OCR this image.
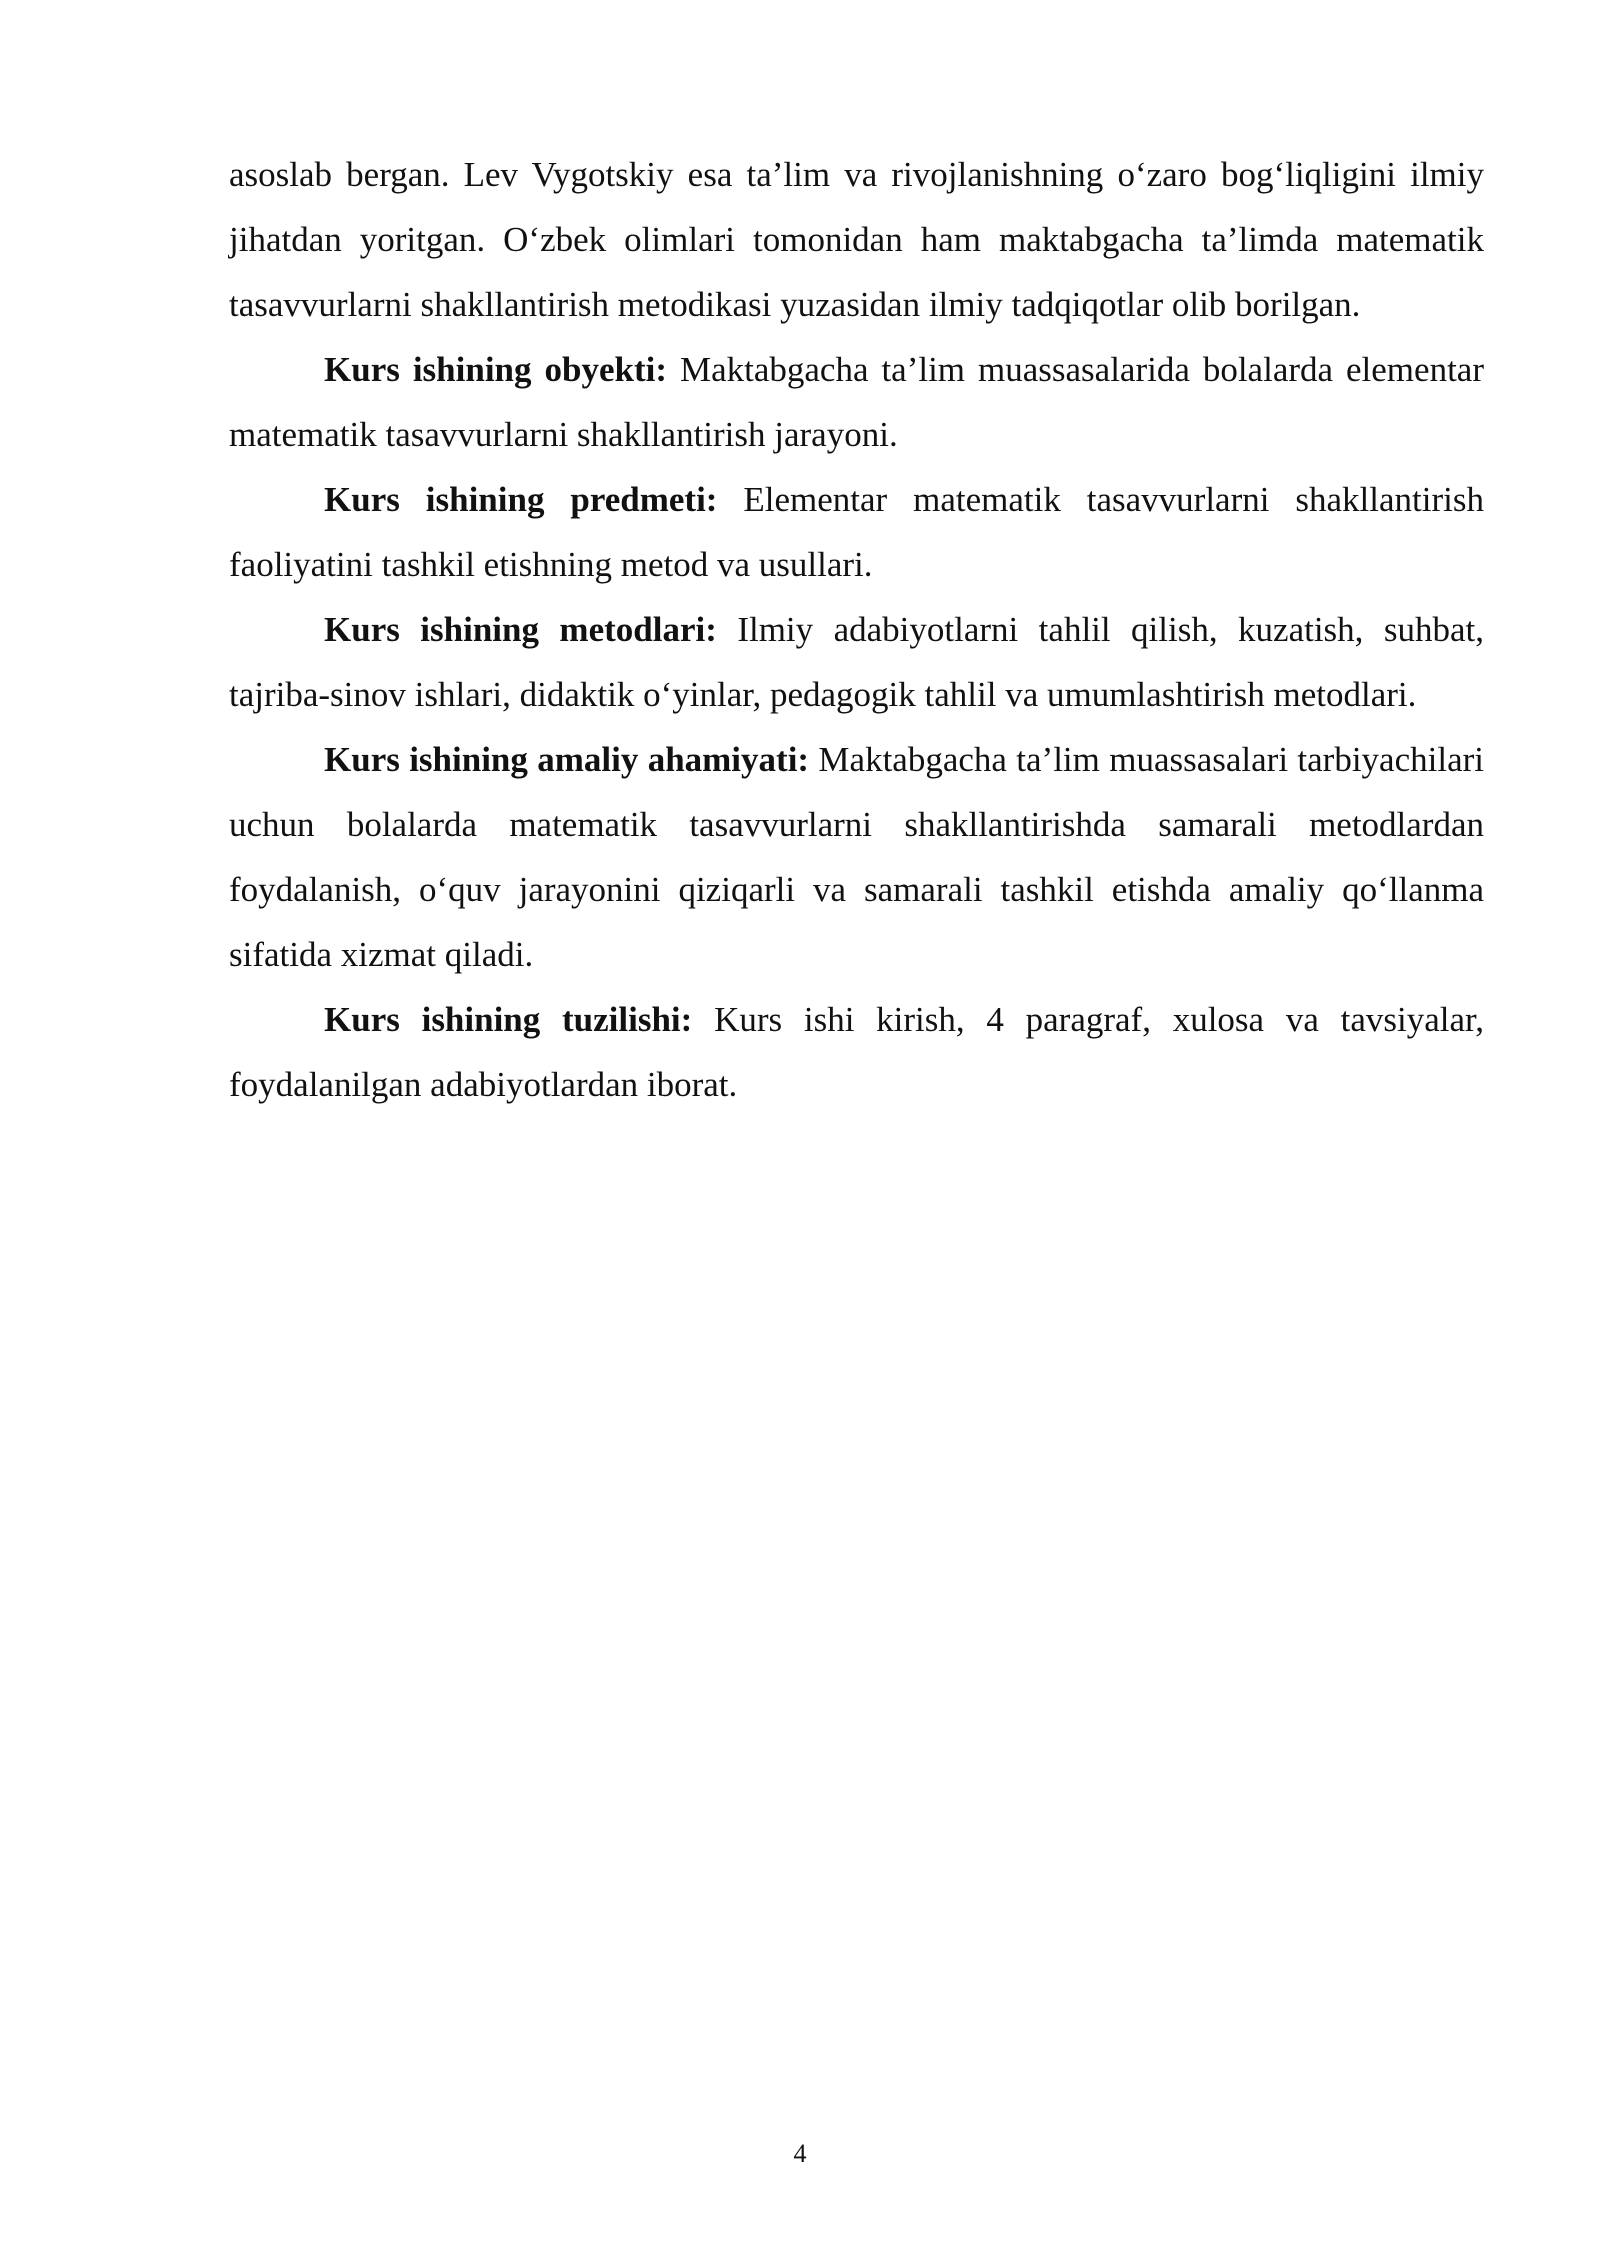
asoslab bergan. Lev Vygotskiy esa ta’lim va rivojlanishning o‘zaro bog‘liqligini ilmiy jihatdan yoritgan. O‘zbek olimlari tomonidan ham maktabgacha ta’limda matematik tasavvurlarni shakllantirish metodikasi yuzasidan ilmiy tadqiqotlar olib borilgan.

Kurs ishining obyekti: Maktabgacha ta’lim muassasalarida bolalarda elementar matematik tasavvurlarni shakllantirish jarayoni.

Kurs ishining predmeti: Elementar matematik tasavvurlarni shakllantirish faoliyatini tashkil etishning metod va usullari.

Kurs ishining metodlari: Ilmiy adabiyotlarni tahlil qilish, kuzatish, suhbat, tajriba-sinov ishlari, didaktik o‘yinlar, pedagogik tahlil va umumlashtirish metodlari.

Kurs ishining amaliy ahamiyati: Maktabgacha ta’lim muassasalari tarbiyachilari uchun bolalarda matematik tasavvurlarni shakllantirishda samarali metodlardan foydalanish, o‘quv jarayonini qiziqarli va samarali tashkil etishda amaliy qo‘llanma sifatida xizmat qiladi.

Kurs ishining tuzilishi: Kurs ishi kirish, 4 paragraf, xulosa va tavsiyalar, foydalanilgan adabiyotlardan iborat.

4
